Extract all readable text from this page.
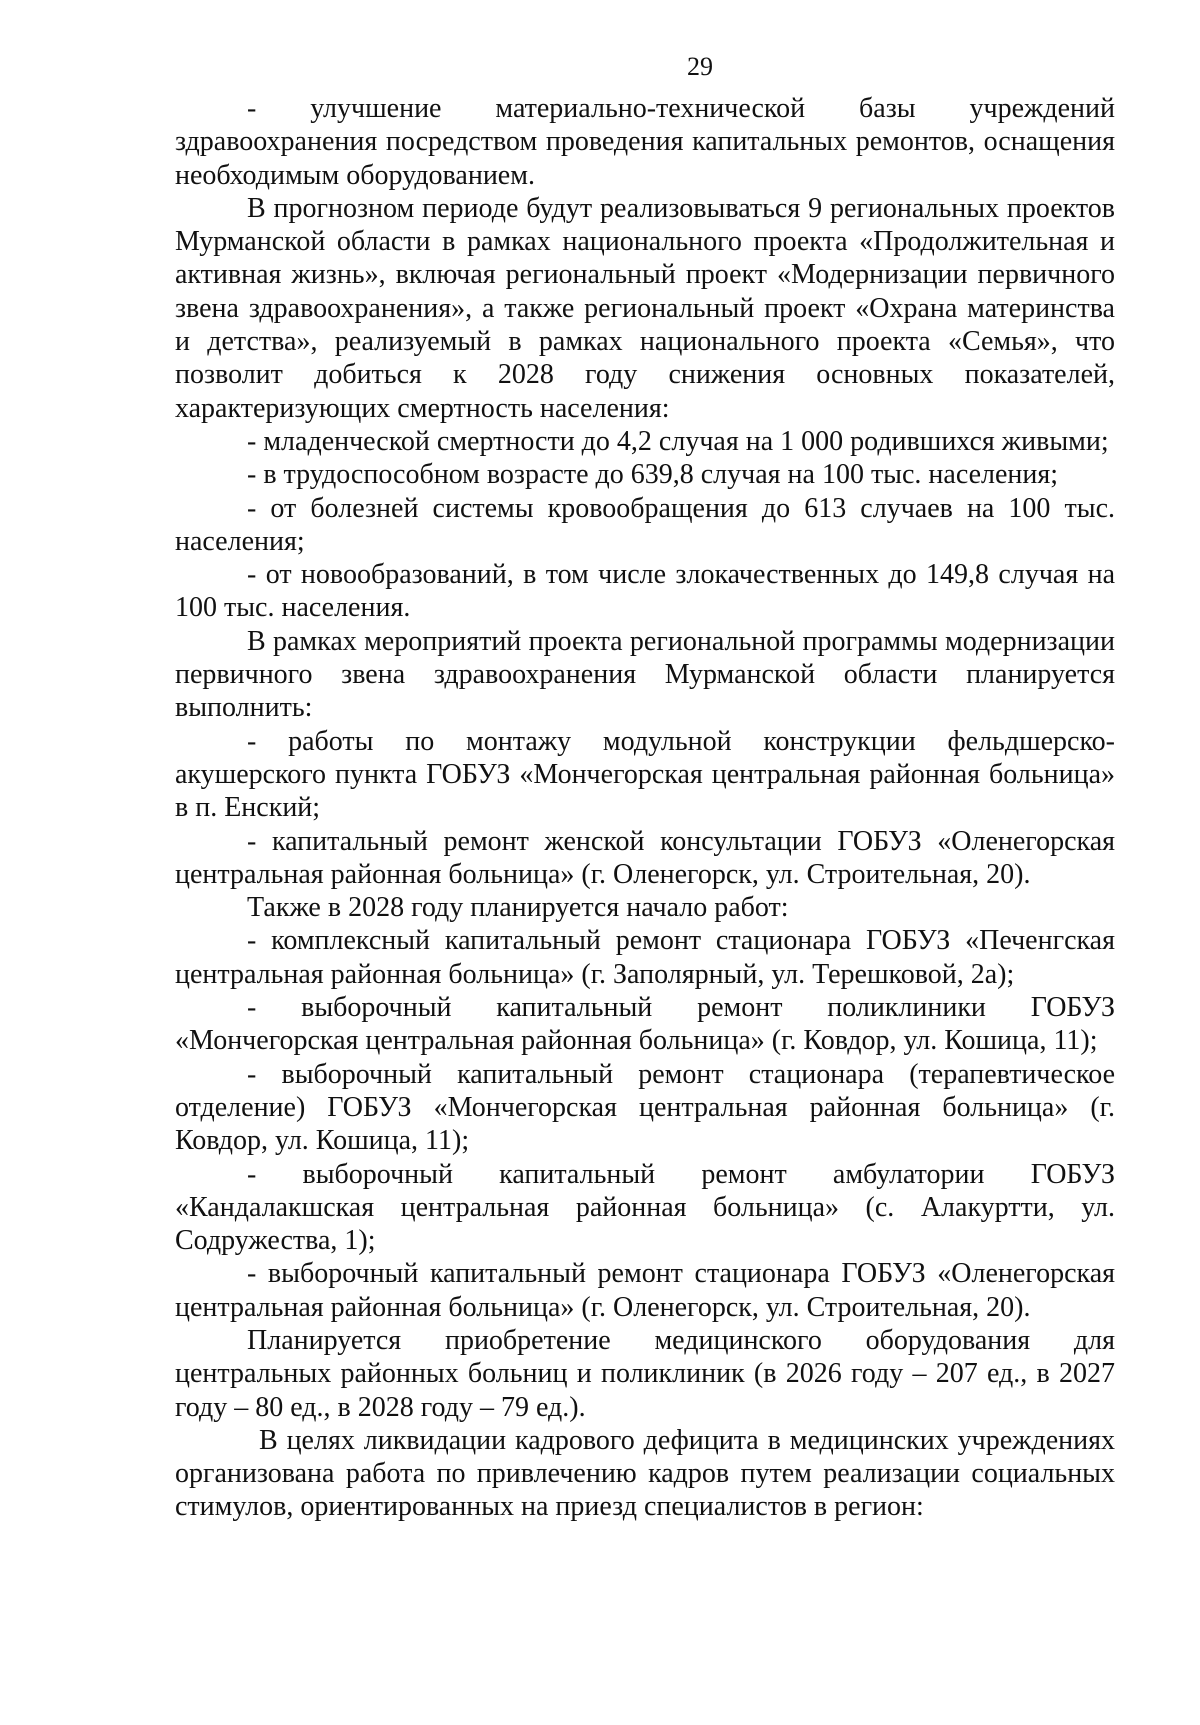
29

- улучшение материально-технической базы учреждений здравоохранения посредством проведения капитальных ремонтов, оснащения необходимым оборудованием.

В прогнозном периоде будут реализовываться 9 региональных проектов Мурманской области в рамках национального проекта «Продолжительная и активная жизнь», включая региональный проект «Модернизации первичного звена здравоохранения», а также региональный проект «Охрана материнства и детства», реализуемый в рамках национального проекта «Семья», что позволит добиться к 2028 году снижения основных показателей, характеризующих смертность населения:

- младенческой смертности до 4,2 случая на 1 000 родившихся живыми;

- в трудоспособном возрасте до 639,8 случая на 100 тыс. населения;

- от болезней системы кровообращения до 613 случаев на 100 тыс. населения;

- от новообразований, в том числе злокачественных до 149,8 случая на 100 тыс. населения.

В рамках мероприятий проекта региональной программы модернизации первичного звена здравоохранения Мурманской области планируется выполнить:

- работы по монтажу модульной конструкции фельдшерско-акушерского пункта ГОБУЗ «Мончегорская центральная районная больница» в п. Енский;

- капитальный ремонт женской консультации ГОБУЗ «Оленегорская центральная районная больница» (г. Оленегорск, ул. Строительная, 20).

Также в 2028 году планируется начало работ:

- комплексный капитальный ремонт стационара ГОБУЗ «Печенгская центральная районная больница» (г. Заполярный, ул. Терешковой, 2а);

- выборочный капитальный ремонт поликлиники ГОБУЗ «Мончегорская центральная районная больница» (г. Ковдор, ул. Кошица, 11);

- выборочный капитальный ремонт стационара (терапевтическое отделение) ГОБУЗ «Мончегорская центральная районная больница» (г. Ковдор, ул. Кошица, 11);

- выборочный капитальный ремонт амбулатории ГОБУЗ «Кандалакшская центральная районная больница» (с. Алакуртти, ул. Содружества, 1);

- выборочный капитальный ремонт стационара ГОБУЗ «Оленегорская центральная районная больница» (г. Оленегорск, ул. Строительная, 20).

Планируется приобретение медицинского оборудования для центральных районных больниц и поликлиник (в 2026 году – 207 ед., в 2027 году – 80 ед., в 2028 году – 79 ед.).

В целях ликвидации кадрового дефицита в медицинских учреждениях организована работа по привлечению кадров путем реализации социальных стимулов, ориентированных на приезд специалистов в регион:
